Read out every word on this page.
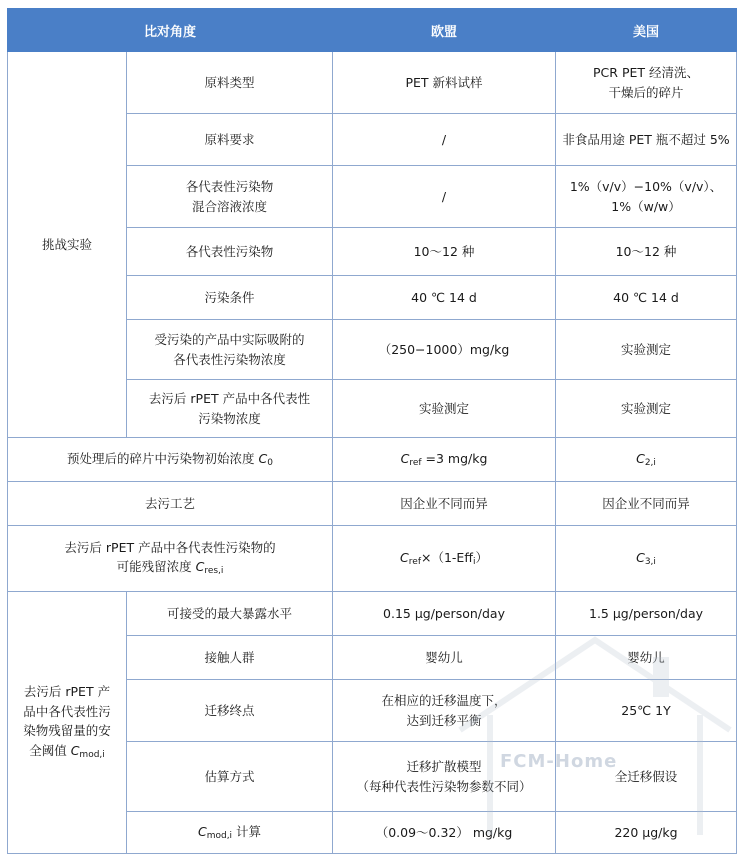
比对角度		欧盟	美国
挑战实验	原料类型	PET 新料试样	PCR PET 经清洗、
干燥后的碎片

	原料要求	/	非食品用途 PET 瓶不超过 5%

	各代表性污染物
混合溶液浓度	/	1%（v/v）−10%（v/v）、
1%（w/w）

	各代表性污染物	10～12 种	10～12 种

	污染条件	40 ℃ 14 d	40 ℃ 14 d

	受污染的产品中实际吸附的
各代表性污染物浓度	（250−1000）mg/kg	实验测定

	去污后 rPET 产品中各代表性
污染物浓度	实验测定	实验测定

预处理后的碎片中污染物初始浓度 $C_0$		$C_{ref} =3$ mg/kg	$C_{2,i}$
去污工艺		因企业不同而异	因企业不同而异

去污后 rPET 产品中各代表性污染物的
可能残留浓度 $C_{res,i}$		$C_{ref}\times(1-Eff_i)$	$C_{3,i}$

去污后 rPET 产
品中各代表性污
染物残留量的安
全阈值 $C_{mod,i}$	可接受的最大暴露水平	0.15 μg/person/day	1.5 μg/person/day

	接触人群	婴幼儿	婴幼儿

	迁移终点	在相应的迁移温度下，
达到迁移平衡	25℃ 1Y

	估算方式	迁移扩散模型
（每种代表性污染物参数不同）	全迁移假设

	$C_{mod,i}$ 计算	（0.09～0.32） mg/kg	220 μg/kg
FCM-Home
